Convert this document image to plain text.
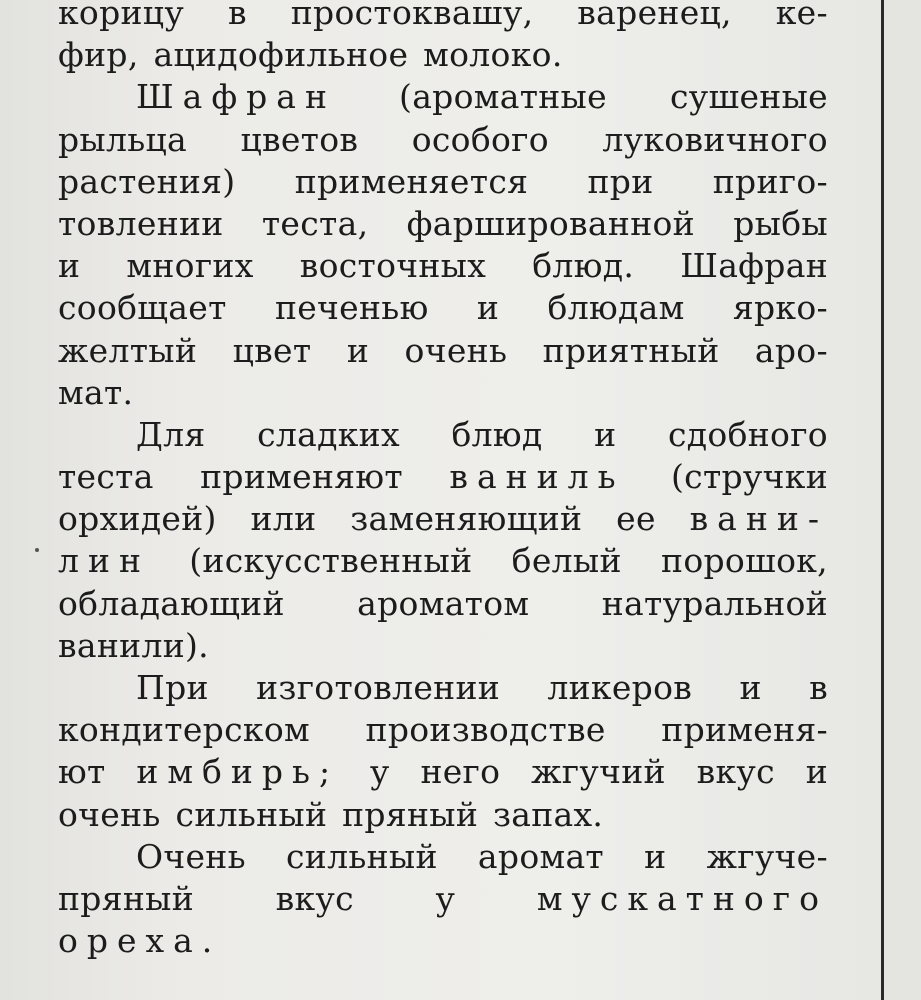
корицу в простоквашу, варенец, ке-
фир, ацидофильное молоко.
Шафран (ароматные сушеные
рыльца цветов особого луковичного
растения) применяется при приго-
товлении теста, фаршированной рыбы
и многих восточных блюд. Шафран
сообщает печенью и блюдам ярко-
желтый цвет и очень приятный аро-
мат.
Для сладких блюд и сдобного
теста применяют ваниль (стручки
орхидей) или заменяющий ее вани-
лин (искусственный белый порошок,
обладающий ароматом натуральной
ванили).
При изготовлении ликеров и в
кондитерском производстве применя-
ют имбирь; у него жгучий вкус и
очень сильный пряный запах.
Очень сильный аромат и жгуче-
пряный вкус у мускатного
ореха.
